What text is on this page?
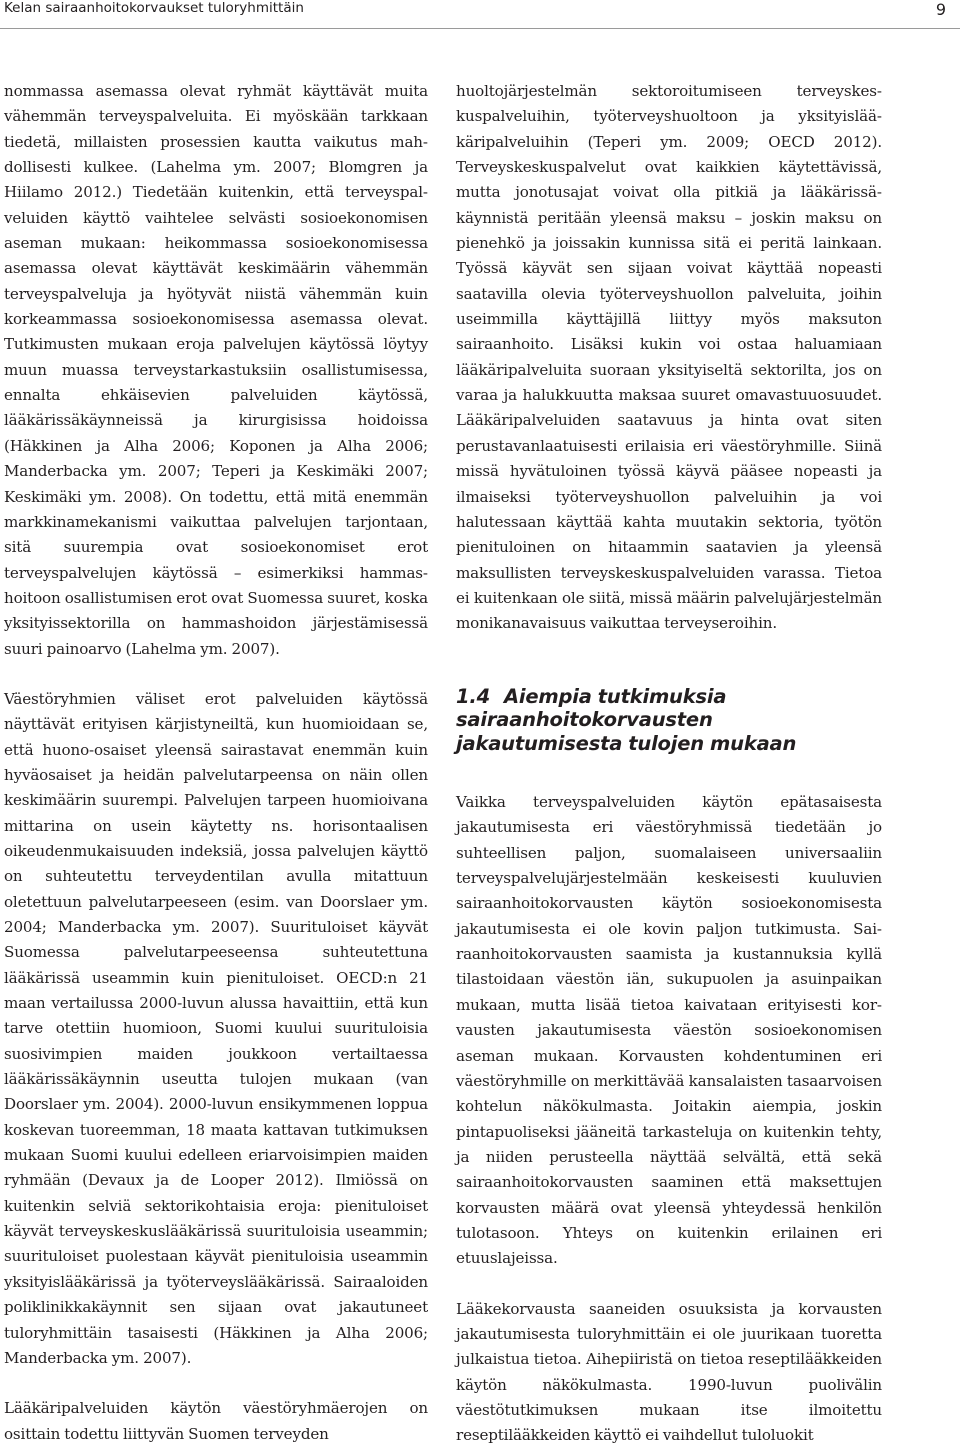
Kelan sairaanhoitokorvaukset tuloryhmittäin	9

nommassa asemassa olevat ryhmät käyttävät muita vähemmän terveyspalveluita. Ei myöskään tarkkaan tiedetä, millaisten prosessien kautta vaikutus mahdollisesti kulkee. (Lahelma ym. 2007; Blomgren ja Hiilamo 2012.) Tiedetään kuitenkin, että terveyspalveluiden käyttö vaihtelee selvästi sosioekonomisen aseman mukaan: heikommassa sosioekonomisessa asemassa olevat käyttävät keskimäärin vähemmän terveyspalveluja ja hyötyvät niistä vähemmän kuin korkeammassa sosioekonomisessa asemassa olevat. Tutkimusten mukaan eroja palvelujen käytössä löytyy muun muassa terveystarkastuksiin osallistumisessa, ennalta ehkäisevien palveluiden käytössä, lääkärissäkäynneissä ja kirurgisissa hoidoissa (Häkkinen ja Alha 2006; Koponen ja Alha 2006; Manderbacka ym. 2007; Teperi ja Keskimäki 2007; Keskimäki ym. 2008). On todettu, että mitä enemmän markkinamekanismi vaikuttaa palvelujen tarjontaan, sitä suurempia ovat sosioekonomiset erot terveyspalvelujen käytössä – esimerkiksi hammashoitoon osallistumisen erot ovat Suomessa suuret, koska yksityissektorilla on hammashoidon järjestämisessä suuri painoarvo (Lahelma ym. 2007).

Väestöryhmien väliset erot palveluiden käytössä näyttävät erityisen kärjistyneiltä, kun huomioidaan se, että huono-osaiset yleensä sairastavat enemmän kuin hyväosaiset ja heidän palvelutarpeensa on näin ollen keskimäärin suurempi. Palvelujen tarpeen huomioivana mittarina on usein käytetty ns. horisontaalisen oikeudenmukaisuuden indeksiä, jossa palvelujen käyttö on suhteutettu terveydentilan avulla mitattuun oletettuun palvelutarpeeseen (esim. van Doorslaer ym. 2004; Manderbacka ym. 2007). Suurituloiset käyvät Suomessa palvelutarpeeseensa suhteutettuna lääkärissä useammin kuin pienituloiset. OECD:n 21 maan vertailussa 2000-luvun alussa havaittiin, että kun tarve otettiin huomioon, Suomi kuului suurituloisia suosivimpien maiden joukkoon vertailtaessa lääkärissäkäynnin useutta tulojen mukaan (van Doorslaer ym. 2004). 2000-luvun ensikymmenen loppua koskevan tuoreemman, 18 maata kattavan tutkimuksen mukaan Suomi kuului edelleen eriarvoisimpien maiden ryhmään (Devaux ja de Looper 2012). Ilmiössä on kuitenkin selviä sektorikohtaisia eroja: pienituloiset käyvät terveyskeskuslääkärissä suurituloisia useammin; suurituloiset puolestaan käyvät pienituloisia useammin yksityislääkärissä ja työterveyslääkärissä. Sairaaloiden poliklinikkakäynnit sen sijaan ovat jakautuneet tuloryhmittäin tasaisesti (Häkkinen ja Alha 2006; Manderbacka ym. 2007).

Lääkäripalveluiden käytön väestöryhmäerojen on osittain todettu liittyvän Suomen terveyden

huoltojärjestelmän sektoroitumiseen terveyskeskuspalveluihin, työterveyshuoltoon ja yksityislääkäripalveluihin (Teperi ym. 2009; OECD 2012). Terveyskeskuspalvelut ovat kaikkien käytettävissä, mutta jonotusajat voivat olla pitkiä ja lääkärissäkäynnistä peritään yleensä maksu – joskin maksu on pienehkö ja joissakin kunnissa sitä ei peritä lainkaan. Työssä käyvät sen sijaan voivat käyttää nopeasti saatavilla olevia työterveyshuollon palveluita, joihin useimmilla käyttäjillä liittyy myös maksuton sairaanhoito. Lisäksi kukin voi ostaa haluamiaan lääkäripalveluita suoraan yksityiseltä sektorilta, jos on varaa ja halukkuutta maksaa suuret omavastuuosuudet. Lääkäripalveluiden saatavuus ja hinta ovat siten perustavanlaatuisesti erilaisia eri väestöryhmille. Siinä missä hyvätuloinen työssä käyvä pääsee nopeasti ja ilmaiseksi työterveyshuollon palveluihin ja voi halutessaan käyttää kahta muutakin sektoria, työtön pienituloinen on hitaammin saatavien ja yleensä maksullisten terveyskeskuspalveluiden varassa. Tietoa ei kuitenkaan ole siitä, missä määrin palvelujärjestelmän monikanavaisuus vaikuttaa terveyseroihin.

1.4 Aiempia tutkimuksia sairaanhoitokorvausten jakautumisesta tulojen mukaan

Vaikka terveyspalveluiden käytön epätasaisesta jakautumisesta eri väestöryhmissä tiedetään jo suhteellisen paljon, suomalaiseen universaaliin terveyspalvelujärjestelmään keskeisesti kuuluvien sairaanhoitokorvausten käytön sosioekonomisesta jakautumisesta ei ole kovin paljon tutkimusta. Sairaanhoitokorvausten saamista ja kustannuksia kyllä tilastoidaan väestön iän, sukupuolen ja asuinpaikan mukaan, mutta lisää tietoa kaivataan erityisesti korvausten jakautumisesta väestön sosioekonomisen aseman mukaan. Korvausten kohdentuminen eri väestöryhmille on merkittävää kansalaisten tasaarvoisen kohtelun näkökulmasta. Joitakin aiempia, joskin pintapuoliseksi jääneitä tarkasteluja on kuitenkin tehty, ja niiden perusteella näyttää selvältä, että sekä sairaanhoitokorvausten saaminen että maksettujen korvausten määrä ovat yleensä yhteydessä henkilön tulotasoon. Yhteys on kuitenkin erilainen eri etuuslajeissa.

Lääkekorvausta saaneiden osuuksista ja korvausten jakautumisesta tuloryhmittäin ei ole juurikaan tuoretta julkaistua tietoa. Aihepiiristä on tietoa reseptilääkkeiden käytön näkökulmasta. 1990-luvun puolivälin väestötutkimuksen mukaan itse ilmoitettu reseptilääkkeiden käyttö ei vaihdellut tuloluokit
